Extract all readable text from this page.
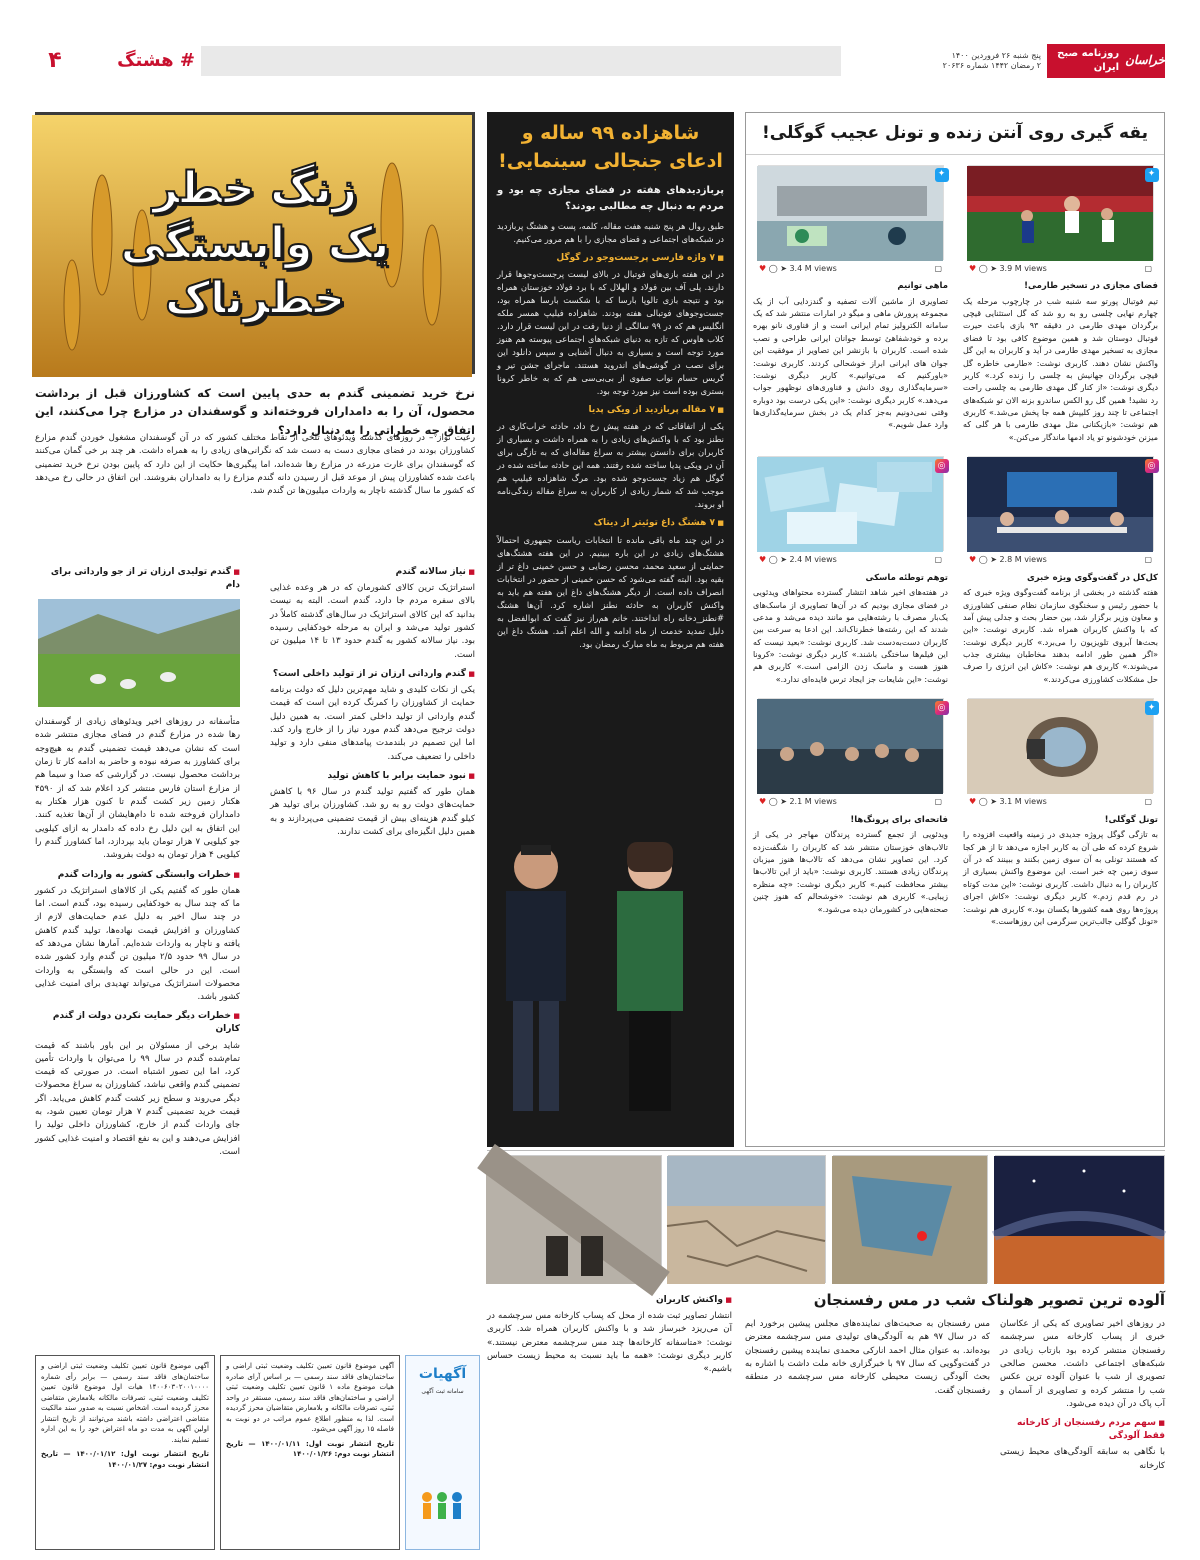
۴	# هشتگ	پنج شنبه ۲۶ فروردین ۱۴۰۰
۲ رمضان ۱۴۴۲ شماره ۲۰۶۳۶	خراسان
روزنامه صبح ایران
یقه گیری روی آنتن زنده و تونل عجیب گوگلی!
✦
♥ ◯ ➤ 3.9 M views	▢
فضای مجازی در تسخیر طارمی!
تیم فوتبال پورتو سه شنبه شب در چارچوب مرحله یک چهارم نهایی چلسی رو به رو شد که گل استثنایی قیچی برگردان مهدی طارمی در دقیقه ۹۳ بازی باعث حیرت فوتبال دوستان شد و همین موضوع کافی بود تا فضای مجازی به تسخیر مهدی طارمی در آید و کاربران به این گل واکنش نشان دهند. کاربری نوشت: «طارمی خاطره گل قیچی برگردان جهانیش به چلسی را زنده کرد.» کاربر دیگری نوشت: «از کنار گل مهدی طارمی به چلسی راحت رد نشید! همین گل رو الکس ساندرو بزنه الان تو شبکه‌های اجتماعی تا چند روز کلیپش همه جا پخش می‌شد.» کاربری هم نوشت: «بازیکنانی مثل مهدی طارمی با هر گلی که میزنن خودشونو تو یاد ادمها ماندگار می‌کنن.»
✦
♥ ◯ ➤ 3.4 M views	▢
ماهی توانیم
تصاویری از ماشین آلات تصفیه و گندزدایی آب از یک مجموعه پرورش ماهی و میگو در امارات منتشر شد که یک سامانه الکترولیز تمام ایرانی است و از فناوری نانو بهره برده و خودشفاهیٔ توسط جوانان ایرانی طراحی و نصب شده است. کاربران با بازنشر این تصاویر از موفقیت این جوان های ایرانی ابراز خوشحالی کردند. کاربری نوشت: «باورکنیم که می‌توانیم.» کاربر دیگری نوشت: «سرمایه‌گذاری روی دانش و فناوری‌های نوظهور جواب می‌دهد.» کاربر دیگری نوشت: «این یکی درست بود دوباره وقتی نمی‌دونیم به‌جز کدام یک در بخش سرمایه‌گذاری‌ها وارد عمل شویم.»
◎
♥ ◯ ➤ 2.8 M views	▢
کل‌کل در گفت‌وگوی ویژه خبری
هفته گذشته در بخشی از برنامه گفت‌وگوی ویژه خبری که با حضور رئیس و سخنگوی سازمان نظام صنفی کشاورزی و معاون وزیر برگزار شد، بین حضار بحث و جدلی پیش آمد که با واکنش کاربران همراه شد. کاربری نوشت: «این بحث‌ها آبروی تلویزیون را می‌برد.» کاربر دیگری نوشت: «اگر همین طور ادامه بدهند مخاطبان بیشتری جذب می‌شوند.» کاربری هم نوشت: «کاش این انرژی را صرف حل مشکلات کشاورزی می‌کردند.»
◎
♥ ◯ ➤ 2.4 M views	▢
توهم توطئه ماسکی
در هفته‌های اخیر شاهد انتشار گسترده محتواهای ویدئویی در فضای مجازی بودیم که در آن‌ها تصاویری از ماسک‌های یک‌بار مصرف با رشته‌هایی مو مانند دیده می‌شد و مدعی شدند که این رشته‌ها خطرناک‌اند. این ادعا به سرعت بین کاربران دست‌به‌دست شد. کاربری نوشت: «بعید نیست که این فیلم‌ها ساختگی باشند.» کاربر دیگری نوشت: «کرونا هنوز هست و ماسک زدن الزامی است.» کاربری هم نوشت: «این شایعات جز ایجاد ترس فایده‌ای ندارد.»
✦
♥ ◯ ➤ 3.1 M views	▢
تونل گوگلی!
به تازگی گوگل پروژه جدیدی در زمینه واقعیت افزوده را شروع کرده که طی آن به کاربر اجازه می‌دهد تا از هر کجا که هستند تونلی به آن سوی زمین بکنند و ببینند که در آن سوی زمین چه خبر است. این موضوع واکنش بسیاری از کاربران را به دنبال داشت. کاربری نوشت: «این مدت کوتاه در رم قدم زدم.» کاربر دیگری نوشت: «کاش اجرای پروژه‌ها روی همه کشورها یکسان بود.» کاربری هم نوشت: «تونل گوگلی جالب‌ترین سرگرمی این روزهاست.»
◎
♥ ◯ ➤ 2.1 M views	▢
فاتحه‌ای برای پرونگ‌ها!
ویدئویی از تجمع گسترده پرندگان مهاجر در یکی از تالاب‌های خوزستان منتشر شد که کاربران را شگفت‌زده کرد. این تصاویر نشان می‌دهد که تالاب‌ها هنوز میزبان پرندگان زیادی هستند. کاربری نوشت: «باید از این تالاب‌ها بیشتر محافظت کنیم.» کاربر دیگری نوشت: «چه منظره زیبایی.» کاربری هم نوشت: «خوشحالم که هنوز چنین صحنه‌هایی در کشورمان دیده می‌شود.»
شاهزاده ۹۹ ساله و ادعای جنجالی سینمایی!
پربازدیدهای هفته در فضای مجازی چه بود و مردم به دنبال چه مطالبی بودند؟
طبق روال هر پنج شنبه هفت مقاله، کلمه، پست و هشتگ پربازدید در شبکه‌های اجتماعی و فضای مجازی را با هم مرور می‌کنیم.
■ ۷ واژه فارسی پرجست‌وجو در گوگل
در این هفته بازی‌های فوتبال در بالای لیست پرجست‌وجوها قرار دارند. پلی آف بین فولاد و الهلال که با برد فولاد خوزستان همراه بود و نتیجه بازی تالوپا بارسا که با شکست بارسا همراه بود، جست‌وجوهای فوتبالی هفته بودند. شاهزاده فیلیپ همسر ملکه انگلیس هم که در ۹۹ سالگی از دنیا رفت در این لیست قرار دارد. کلاب هاوس که تازه به دنیای شبکه‌های اجتماعی پیوسته هم هنوز مورد توجه است و بسیاری به دنبال آشنایی و سپس دانلود این برای نصب در گوشی‌های اندروید هستند. ماجرای جشن تیر و گریس حسام نواب صفوی از بی‌بی‌سی هم که به خاطر کرونا بستری بوده است نیز مورد توجه بود.
■ ۷ مقاله پربازدید از ویکی پدیا
یکی از اتفاقاتی که در هفته پیش رخ داد، حادثه خراب‌کاری در نطنز بود که با واکنش‌های زیادی را به همراه داشت و بسیاری از کاربران برای دانستن بیشتر به سراغ مقاله‌ای که به تازگی برای آن در ویکی پدیا ساخته شده رفتند. همه این حادثه ساخته شده در گوگل هم زیاد جست‌وجو شده بود. مرگ شاهزاده فیلیپ هم موجب شد که شمار زیادی از کاربران به سراغ مقاله زندگی‌نامه او بروند.
■ ۷ هشتگ داغ توئیتر از دیتاک
در این چند ماه باقی مانده تا انتخابات ریاست جمهوری احتمالاً هشتگ‌های زیادی در این باره ببینیم. در این هفته هشتگ‌های حمایتی از سعید محمد، محسن رضایی و حسن خمینی داغ تر از بقیه بود. البته گفته می‌شود که حسن خمینی از حضور در انتخابات انصراف داده است. از دیگر هشتگ‌های داغ این هفته هم باید به واکنش کاربران به حادثه نطنز اشاره کرد. آن‌ها هشتگ #نطنز_دخانه راه انداختند. خانم هم‌راز نیز گفت که ابوالفضل به دلیل تمدید خدمت از ماه ادامه و الله اعلم آمد. هشتگ داغ این هفته هم مربوط به ماه مبارک رمضان بود.
زنگ خطر
یک وابستگی
خطرناک
نرخ خرید تضمینی گندم به حدی پایین است که کشاورزان قبل از برداشت محصول، آن را به دامداران فروخته‌اند و گوسفندان در مزارع چرا می‌کنند، این اتفاق چه خطراتی را به دنبال دارد؟
رعیت نواز – در روزهای گذشته ویدئوهای تلخی از نقاط مختلف کشور که در آن گوسفندان مشغول خوردن گندم مزارع کشاورزان بودند در فضای مجازی دست به دست شد که نگرانی‌های زیادی را به همراه داشت. هر چند بر خی گمان می‌کنند که گوسفندان برای غارت مزرعه در مزارع رها شده‌اند، اما پیگیری‌ها حکایت از این دارد که پایین بودن نرخ خرید تضمینی باعث شده کشاورزان پیش از موعد قبل از رسیدن دانه گندم مزارع را به دامداران بفروشند. این اتفاق در حالی رخ می‌دهد که کشور ما سال گذشته ناچار به واردات میلیون‌ها تن گندم شد.
■ نیاز سالانه گندم
استراتژیک ترین کالای کشورمان که در هر وعده غذایی بالای سفره مردم جا دارد، گندم است. البته به نیست بدانید که این کالای استراتژیک در سال‌های گذشته کاملاً در کشور تولید می‌شد و ایران به مرحله خودکفایی رسیده بود. نیاز سالانه کشور به گندم حدود ۱۳ تا ۱۴ میلیون تن است.
■ گندم وارداتی ارزان تر از تولید داخلی است؟
یکی از نکات کلیدی و شاید مهم‌ترین دلیل که دولت برنامه حمایت از کشاورزان را کمرنگ کرده این است که قیمت گندم وارداتی از تولید داخلی کمتر است. به همین دلیل دولت ترجیح می‌دهد گندم مورد نیاز را از خارج وارد کند. اما این تصمیم در بلندمدت پیامدهای منفی دارد و تولید داخلی را تضعیف می‌کند.
■ نبود حمایت برابر با کاهش تولید
همان طور که گفتیم تولید گندم در سال ۹۶ با کاهش حمایت‌های دولت رو به رو شد. کشاورزان برای تولید هر کیلو گندم هزینه‌ای بیش از قیمت تضمینی می‌پردازند و به همین دلیل انگیزه‌ای برای کشت ندارند.
■ گندم تولیدی ارزان تر از جو وارداتی برای دام
متأسفانه در روزهای اخیر ویدئوهای زیادی از گوسفندان رها شده در مزارع گندم در فضای مجازی منتشر شده است که نشان می‌دهد قیمت تضمینی گندم به هیچ‌وجه برای کشاورز به صرفه نبوده و حاضر به ادامه کار تا زمان برداشت محصول نیست. در گزارشی که صدا و سیما هم از مزارع استان فارس منتشر کرد اعلام شد که از ۴۵۹۰ هکتار زمین زیر کشت گندم تا کنون هزار هکتار به دامداران فروخته شده تا دام‌هایشان از آن‌ها تغذیه کنند. این اتفاق به این دلیل رخ داده که دامدار به ازای کیلویی جو کیلویی ۷ هزار تومان باید بپردازد، اما کشاورز گندم را کیلویی ۴ هزار تومان به دولت بفروشد.
■ خطرات وابستگی کشور به واردات گندم
همان طور که گفتیم یکی از کالاهای استراتژیک در کشور ما که چند سال به خودکفایی رسیده بود، گندم است. اما در چند سال اخیر به دلیل عدم حمایت‌های لازم از کشاورزان و افزایش قیمت نهاده‌ها، تولید گندم کاهش یافته و ناچار به واردات شده‌ایم. آمارها نشان می‌دهد که در سال ۹۹ حدود ۲/۵ میلیون تن گندم وارد کشور شده است. این در حالی است که وابستگی به واردات محصولات استراتژیک می‌تواند تهدیدی برای امنیت غذایی کشور باشد.
■ خطرات دیگر حمایت نکردن دولت از گندم کاران
شاید برخی از مسئولان بر این باور باشند که قیمت تمام‌شده گندم در سال ۹۹ را می‌توان با واردات تأمین کرد، اما این تصور اشتباه است. در صورتی که قیمت تضمینی گندم واقعی نباشد، کشاورزان به سراغ محصولات دیگر می‌روند و سطح زیر کشت گندم کاهش می‌یابد. اگر قیمت خرید تضمینی گندم ۷ هزار تومان تعیین شود، به جای واردات گندم از خارج، کشاورزان داخلی تولید را افزایش می‌دهند و این به نفع اقتصاد و امنیت غذایی کشور است.
آلوده ترین تصویر هولناک شب در مس رفسنجان
در روزهای اخیر تصاویری که یکی از عکاسان خبری از پساب کارخانه مس سرچشمه رفسنجان منتشر کرده بود بازتاب زیادی در شبکه‌های اجتماعی داشت. محسن صالحی تصویری از شب با عنوان آلوده ترین عکس شب را منتشر کرده و تصاویری از آسمان و آب پاک در آن دیده می‌شود.
■ سهم مردم رفسنجان از کارخانه فقط آلودگی
با نگاهی به سابقه آلودگی‌های محیط زیستی کارخانه
مس رفسنجان به صحبت‌های نماینده‌های مجلس پیشین برخورد ایم که در سال ۹۷ هم به آلودگی‌های تولیدی مس سرچشمه معترض بوده‌اند. به عنوان مثال احمد انارکی محمدی نماینده پیشین رفسنجان در گفت‌وگویی که سال ۹۷ با خبرگزاری خانه ملت داشت با اشاره به بحث آلودگی زیست محیطی کارخانه مس سرچشمه در منطقه رفسنجان گفت.
■ واکنش کاربران
انتشار تصاویر ثبت شده از محل که پساب کارخانه مس سرچشمه در آن می‌ریزد خبرساز شد و با واکنش کاربران همراه شد. کاربری نوشت: «متاسفانه کارخانه‌ها چند مس سرچشمه معترض نیستند.» کاربر دیگری نوشت: «همه ما باید نسبت به محیط زیست حساس باشیم.»
آگهیات
سامانه ثبت آگهی
آگهی موضوع قانون تعیین تکلیف وضعیت ثبتی اراضی و ساختمان‌های فاقد سند رسمی — بر اساس آرای صادره هیات موضوع ماده ۱ قانون تعیین تکلیف وضعیت ثبتی اراضی و ساختمان‌های فاقد سند رسمی، مستقر در واحد ثبتی، تصرفات مالکانه و بلامعارض متقاضیان محرز گردیده است. لذا به منظور اطلاع عموم مراتب در دو نوبت به فاصله ۱۵ روز آگهی می‌شود.
تاریخ انتشار نوبت اول: ۱۴۰۰/۰۱/۱۱ — تاریخ انتشار نوبت دوم: ۱۴۰۰/۰۱/۲۶
آگهی موضوع قانون تعیین تکلیف وضعیت ثبتی اراضی و ساختمان‌های فاقد سند رسمی — برابر رأی شماره ۱۴۰۰۶۰۳۰۲۰۰۱۰۰۰۰ هیات اول موضوع قانون تعیین تکلیف وضعیت ثبتی، تصرفات مالکانه بلامعارض متقاضی محرز گردیده است. اشخاص نسبت به صدور سند مالکیت متقاضی اعتراضی داشته باشند می‌توانند از تاریخ انتشار اولین آگهی به مدت دو ماه اعتراض خود را به این اداره تسلیم نمایند.
تاریخ انتشار نوبت اول: ۱۴۰۰/۰۱/۱۲ — تاریخ انتشار نوبت دوم: ۱۴۰۰/۰۱/۲۷
